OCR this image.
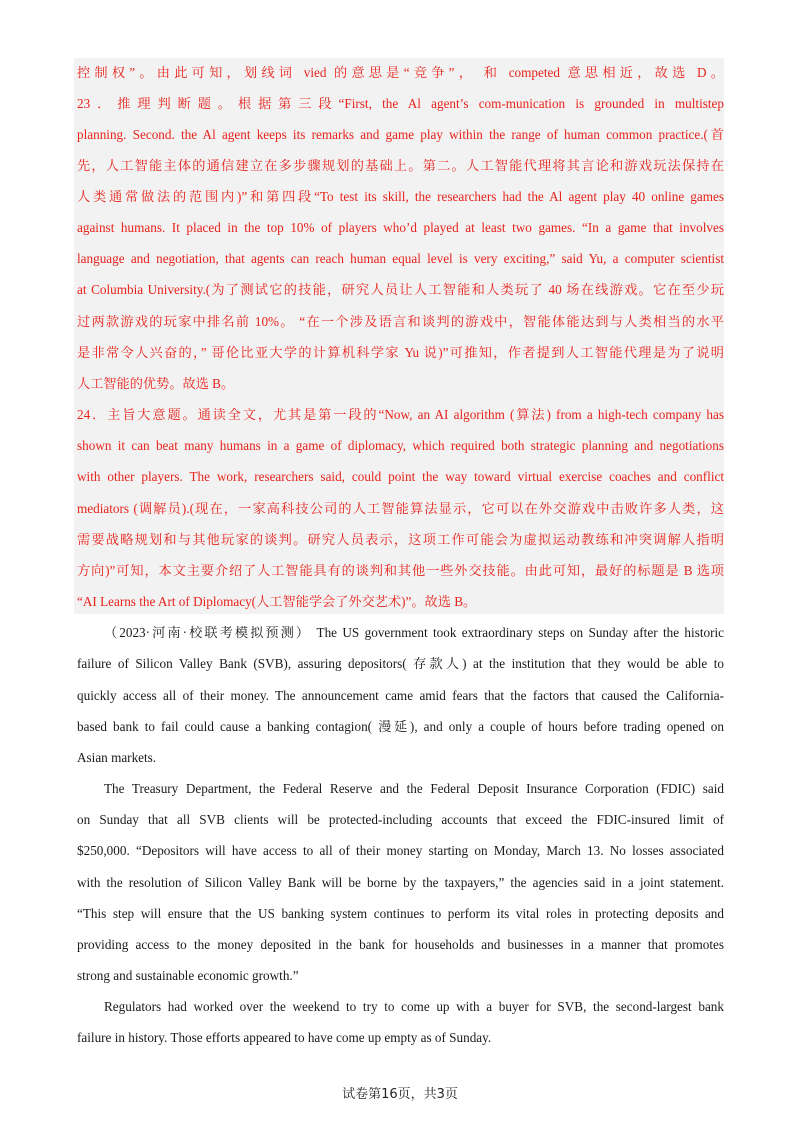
控制权”。由此可知，划线词 vied 的意思是“竞争”， 和 competed 意思相近，故选 D。
23．推理判断题。根据第三段“First, the Al agent’s com-munication is grounded in multistep
planning. Second. the Al agent keeps its remarks and game play within the range of human common practice.(首
先，人工智能主体的通信建立在多步骤规划的基础上。第二。人工智能代理将其言论和游戏玩法保持在
人类通常做法的范围内)”和第四段“To test its skill, the researchers had the Al agent play 40 online games
against humans. It placed in the top 10% of players who’d played at least two games. “In a game that involves
language and negotiation, that agents can reach human equal level is very exciting,” said Yu, a computer scientist
at Columbia University.(为了测试它的技能，研究人员让人工智能和人类玩了 40 场在线游戏。它在至少玩
过两款游戏的玩家中排名前 10%。 “在一个涉及语言和谈判的游戏中，智能体能达到与人类相当的水平
是非常令人兴奋的，” 哥伦比亚大学的计算机科学家 Yu 说)”可推知，作者提到人工智能代理是为了说明
人工智能的优势。故选 B。
24．主旨大意题。通读全文，尤其是第一段的“Now, an AI algorithm (算法) from a high-tech company has
shown it can beat many humans in a game of diplomacy, which required both strategic planning and negotiations
with other players. The work, researchers said, could point the way toward virtual exercise coaches and conflict
mediators (调解员).(现在，一家高科技公司的人工智能算法显示，它可以在外交游戏中击败许多人类，这
需要战略规划和与其他玩家的谈判。研究人员表示，这项工作可能会为虚拟运动教练和冲突调解人指明
方向)”可知，本文主要介绍了人工智能具有的谈判和其他一些外交技能。由此可知，最好的标题是 B 选项
“AI Learns the Art of Diplomacy(人工智能学会了外交艺术)”。故选 B。
（2023·河南·校联考模拟预测） The US government took extraordinary steps on Sunday after the historic
failure of Silicon Valley Bank (SVB), assuring depositors( 存款人) at the institution that they would be able to
quickly access all of their money. The announcement came amid fears that the factors that caused the California-
based bank to fail could cause a banking contagion( 漫延), and only a couple of hours before trading opened on
Asian markets.
The Treasury Department, the Federal Reserve and the Federal Deposit Insurance Corporation (FDIC) said
on Sunday that all SVB clients will be protected-including accounts that exceed the FDIC-insured limit of
$250,000. “Depositors will have access to all of their money starting on Monday, March 13. No losses associated
with the resolution of Silicon Valley Bank will be borne by the taxpayers,” the agencies said in a joint statement.
“This step will ensure that the US banking system continues to perform its vital roles in protecting deposits and
providing access to the money deposited in the bank for households and businesses in a manner that promotes
strong and sustainable economic growth.”
Regulators had worked over the weekend to try to come up with a buyer for SVB, the second-largest bank
failure in history. Those efforts appeared to have come up empty as of Sunday.
试卷第16页，共3页
